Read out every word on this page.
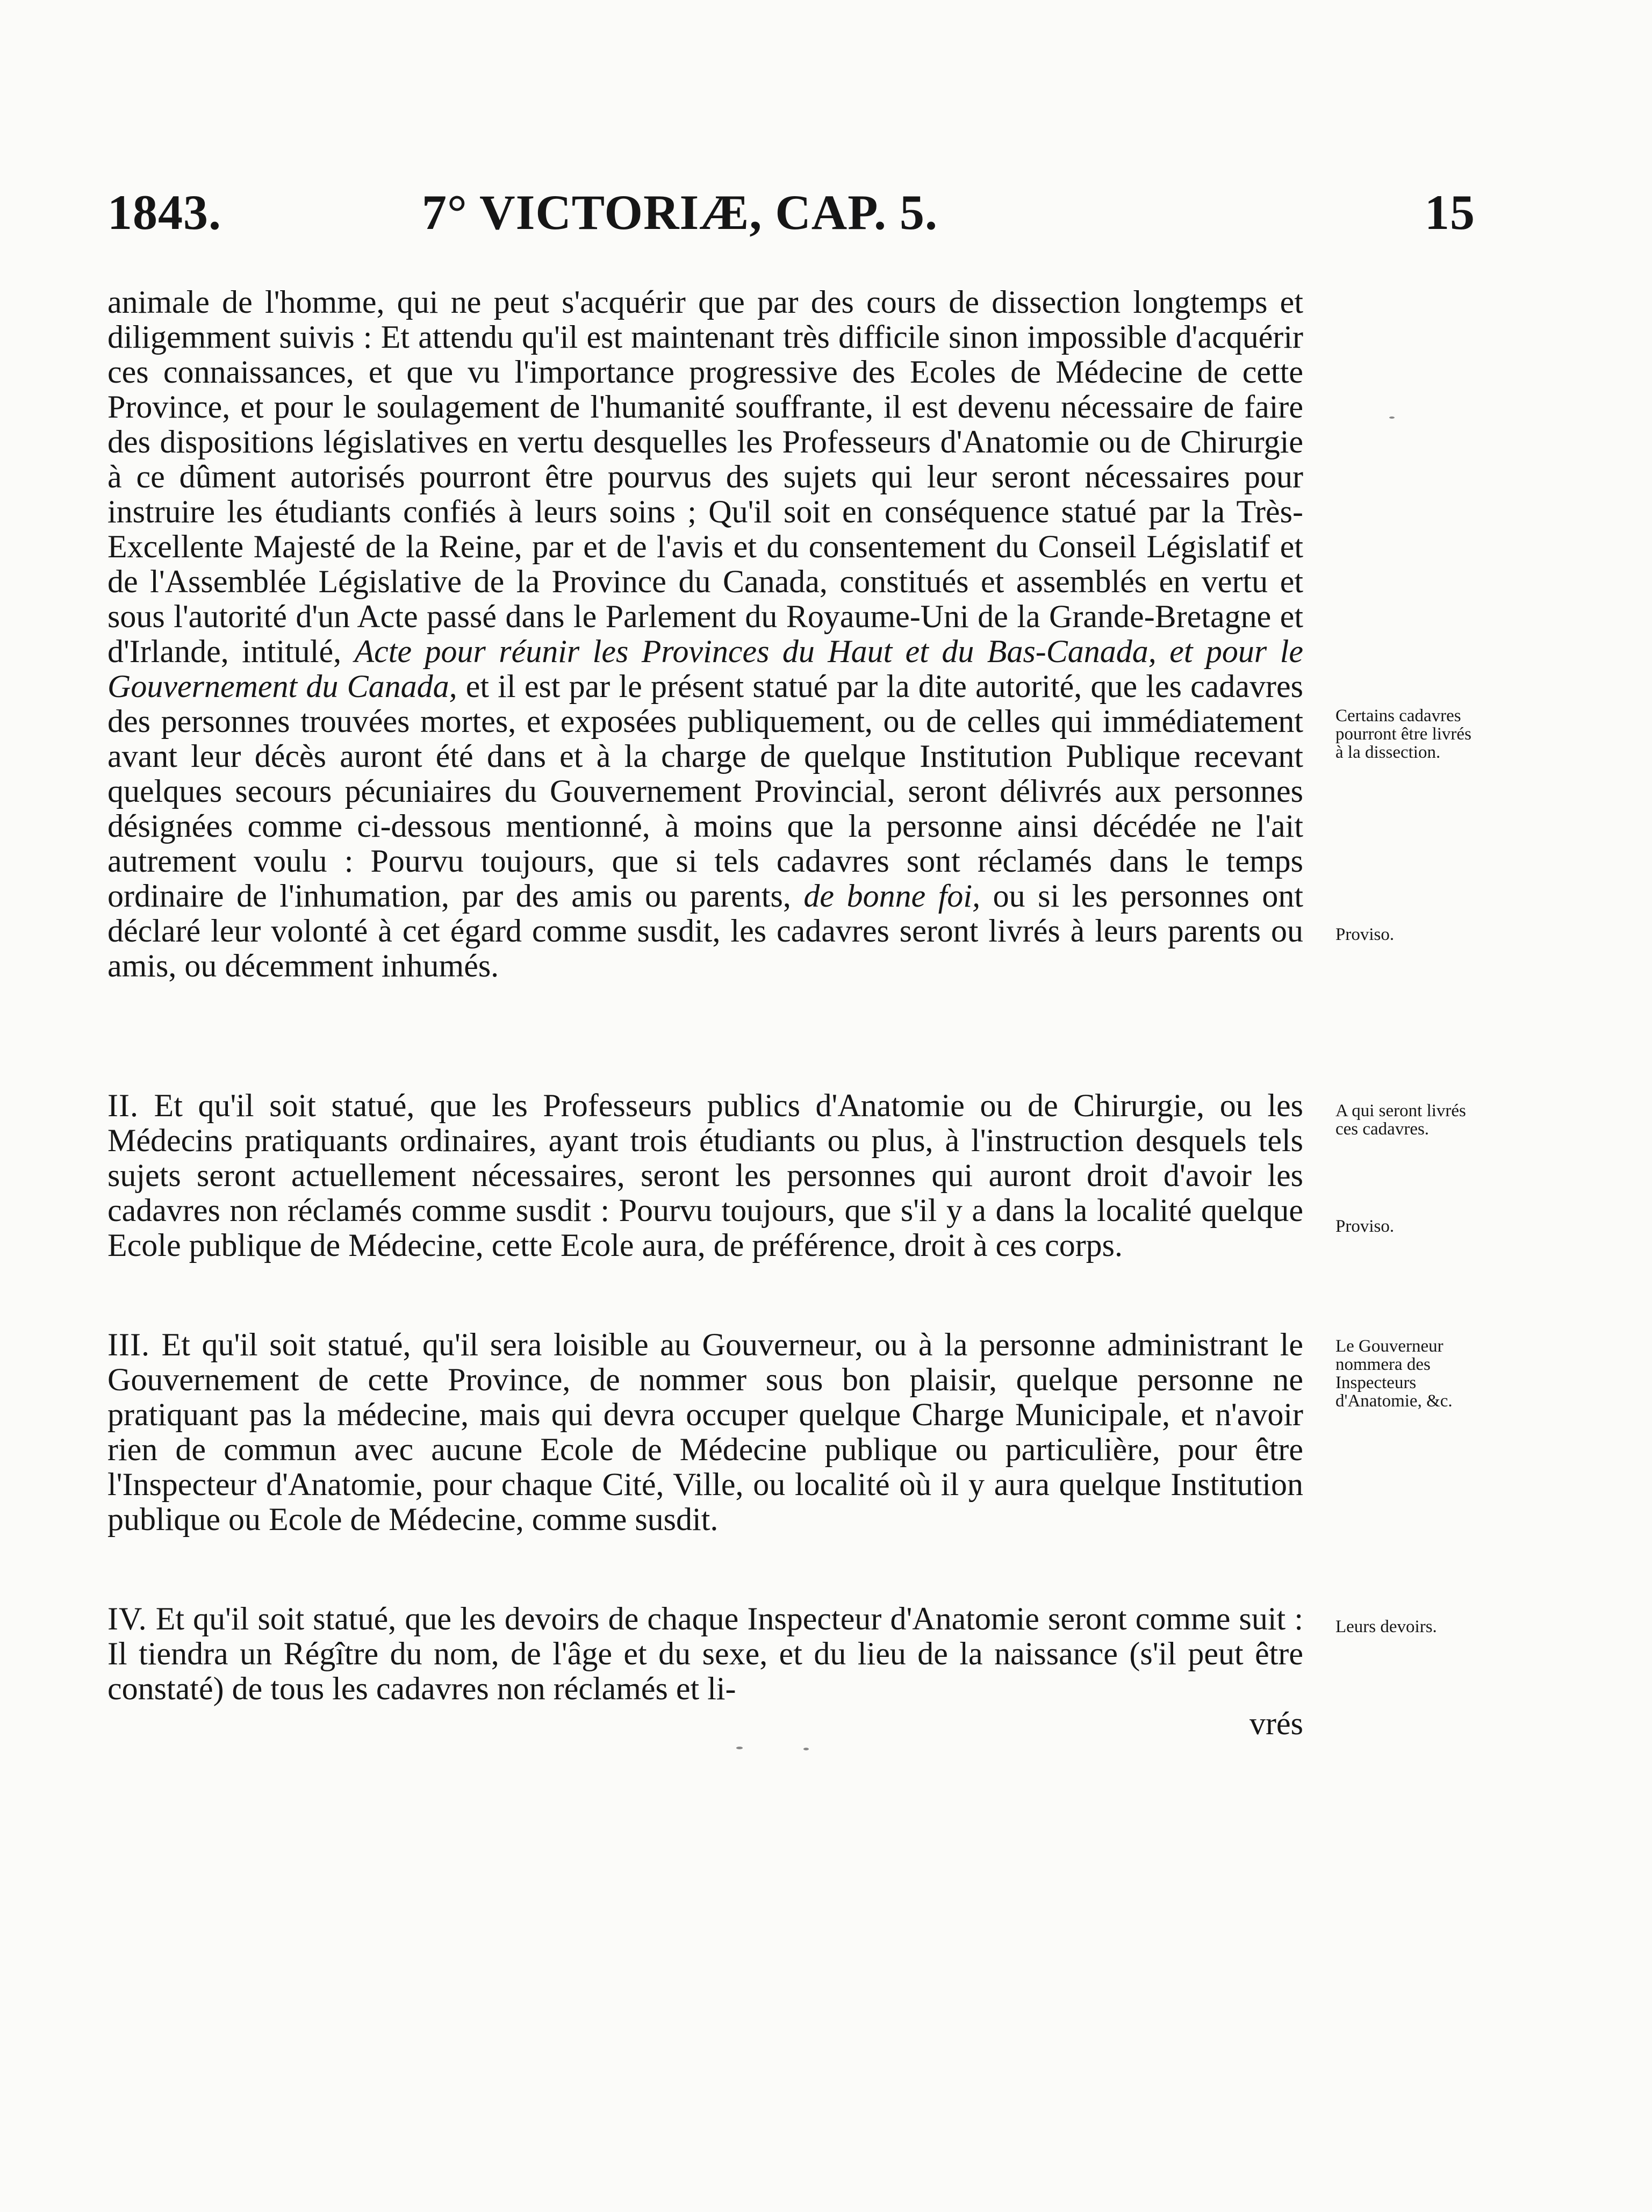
1843.	7° VICTORIÆ, CAP. 5.	15
animale de l'homme, qui ne peut s'acquérir que par des cours de dissection longtemps et diligemment suivis : Et attendu qu'il est maintenant très difficile sinon impossible d'acquérir ces connaissances, et que vu l'importance progressive des Ecoles de Médecine de cette Province, et pour le soulagement de l'humanité souffrante, il est devenu nécessaire de faire des dispositions législatives en vertu desquelles les Professeurs d'Anatomie ou de Chirurgie à ce dûment autorisés pourront être pourvus des sujets qui leur seront nécessaires pour instruire les étudiants confiés à leurs soins ; Qu'il soit en conséquence statué par la Très-Excellente Majesté de la Reine, par et de l'avis et du consentement du Conseil Législatif et de l'Assemblée Législative de la Province du Canada, constitués et assemblés en vertu et sous l'autorité d'un Acte passé dans le Parlement du Royaume-Uni de la Grande-Bretagne et d'Irlande, intitulé, Acte pour réunir les Provinces du Haut et du Bas-Canada, et pour le Gouvernement du Canada, et il est par le présent statué par la dite autorité, que les cadavres des personnes trouvées mortes, et exposées publiquement, ou de celles qui immédiatement avant leur décès auront été dans et à la charge de quelque Institution Publique recevant quelques secours pécuniaires du Gouvernement Provincial, seront délivrés aux personnes désignées comme ci-dessous mentionné, à moins que la personne ainsi décédée ne l'ait autrement voulu : Pourvu toujours, que si tels cadavres sont réclamés dans le temps ordinaire de l'inhumation, par des amis ou parents, de bonne foi, ou si les personnes ont déclaré leur volonté à cet égard comme susdit, les cadavres seront livrés à leurs parents ou amis, ou décemment inhumés.
II. Et qu'il soit statué, que les Professeurs publics d'Anatomie ou de Chirurgie, ou les Médecins pratiquants ordinaires, ayant trois étudiants ou plus, à l'instruction desquels tels sujets seront actuellement nécessaires, seront les personnes qui auront droit d'avoir les cadavres non réclamés comme susdit : Pourvu toujours, que s'il y a dans la localité quelque Ecole publique de Médecine, cette Ecole aura, de préférence, droit à ces corps.
III. Et qu'il soit statué, qu'il sera loisible au Gouverneur, ou à la personne administrant le Gouvernement de cette Province, de nommer sous bon plaisir, quelque personne ne pratiquant pas la médecine, mais qui devra occuper quelque Charge Municipale, et n'avoir rien de commun avec aucune Ecole de Médecine publique ou particulière, pour être l'Inspecteur d'Anatomie, pour chaque Cité, Ville, ou localité où il y aura quelque Institution publique ou Ecole de Médecine, comme susdit.
IV. Et qu'il soit statué, que les devoirs de chaque Inspecteur d'Anatomie seront comme suit : Il tiendra un Régître du nom, de l'âge et du sexe, et du lieu de la naissance (s'il peut être constaté) de tous les cadavres non réclamés et li-
vrés
Certains cadavres pourront être livrés à la dissection.
Proviso.
A qui seront livrés ces cadavres.
Proviso.
Le Gouverneur nommera des Inspecteurs d'Anatomie, &c.
Leurs devoirs.
